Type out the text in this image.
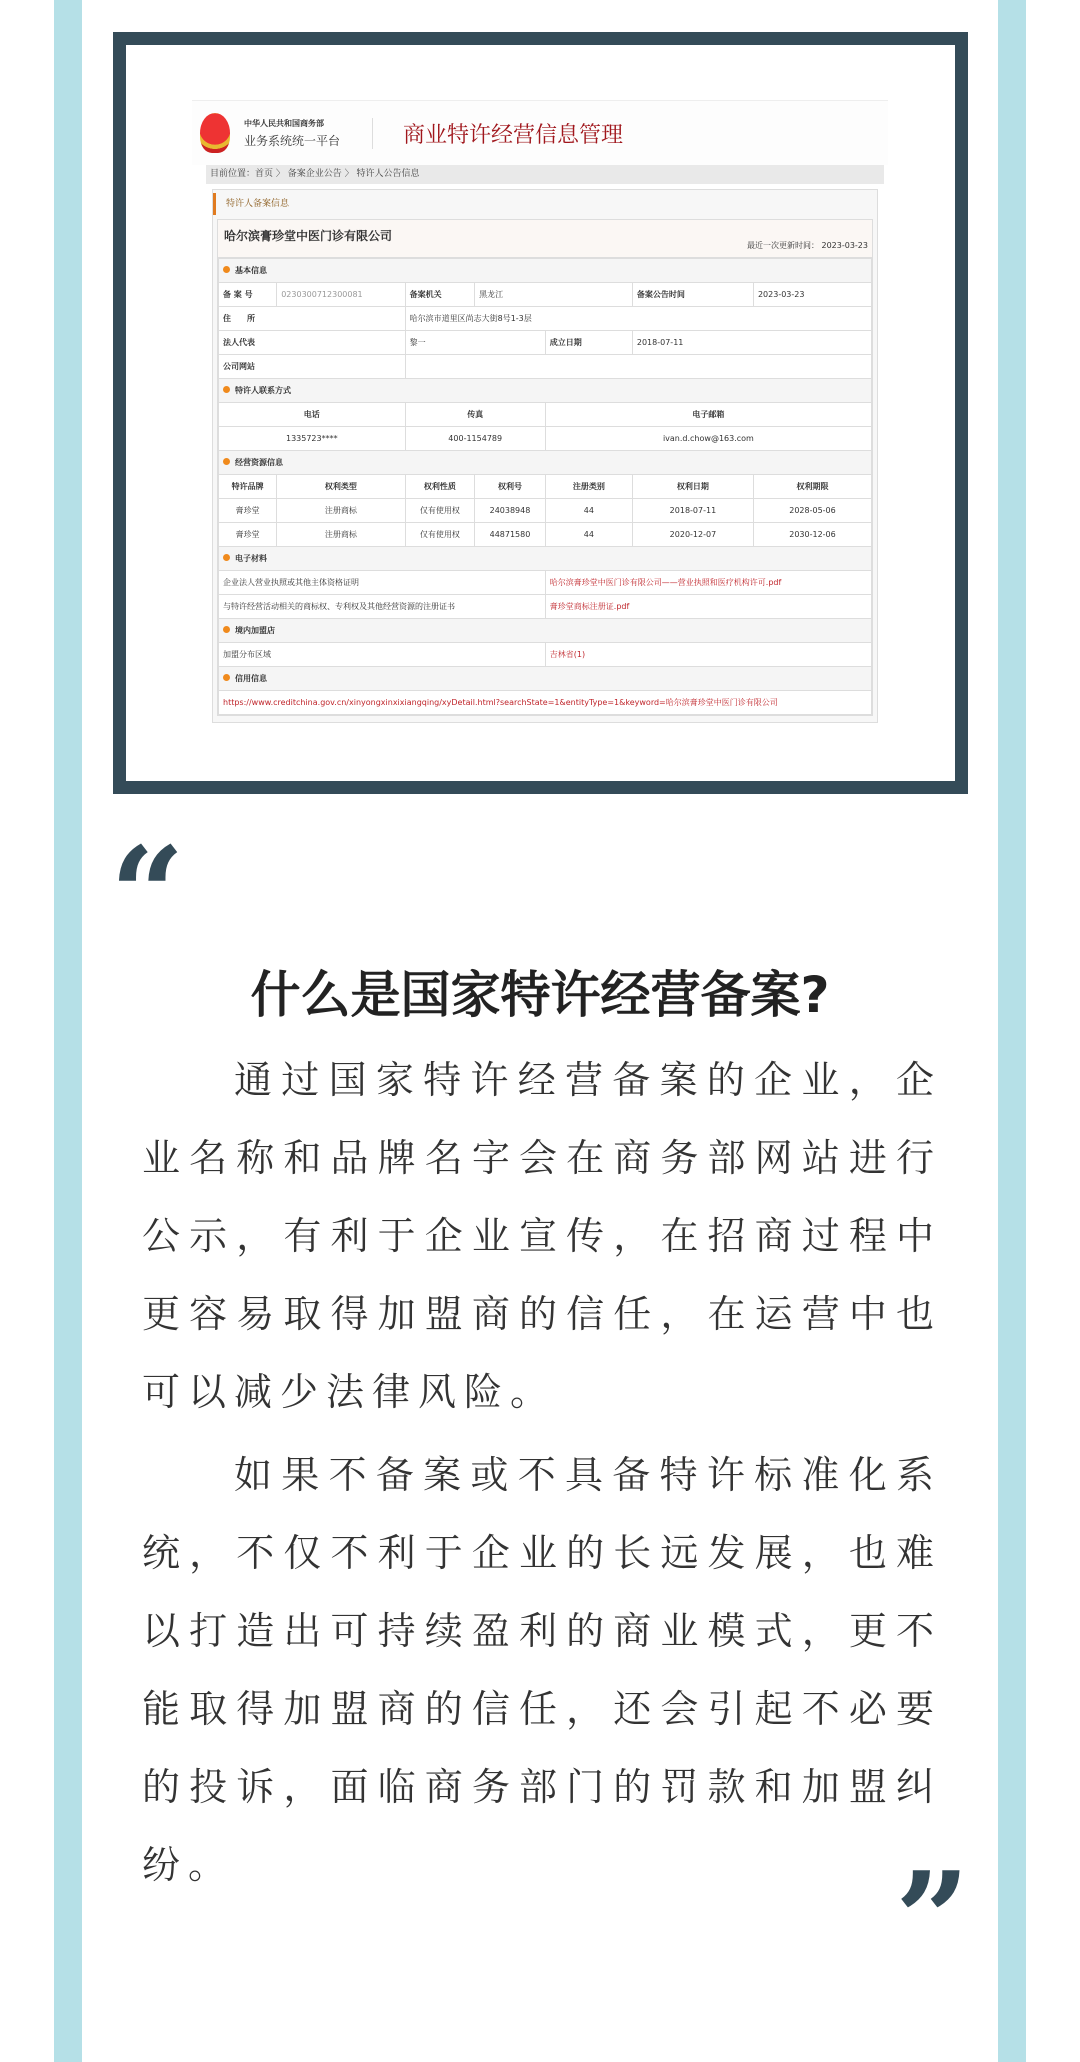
中华人民共和国商务部
业务系统统一平台	商业特许经营信息管理
目前位置：首页 〉 备案企业公告 〉 特许人公告信息
特许人备案信息
哈尔滨膏珍堂中医门诊有限公司
最近一次更新时间： 2023-03-23
基本信息						
备 案 号	0230300712300081	备案机关	黑龙江		备案公告时间	2023-03-23
住　　所		哈尔滨市道里区尚志大街8号1-3层				
法人代表		黎一		成立日期	2018-07-11	
公司网站						
特许人联系方式						
电话		传真		电子邮箱		
1335723****		400-1154789		ivan.d.chow@163.com		
经营资源信息						
特许品牌	权利类型	权利性质	权利号	注册类别	权利日期	权利期限
膏珍堂	注册商标	仅有使用权	24038948	44	2018-07-11	2028-05-06
膏珍堂	注册商标	仅有使用权	44871580	44	2020-12-07	2030-12-06
电子材料						
企业法人营业执照或其他主体资格证明				哈尔滨膏珍堂中医门诊有限公司——营业执照和医疗机构许可.pdf		
与特许经营活动相关的商标权、专利权及其他经营资源的注册证书				膏珍堂商标注册证.pdf		
境内加盟店						
加盟分布区域				吉林省(1)		
信用信息						
https://www.creditchina.gov.cn/xinyongxinxixiangqing/xyDetail.html?searchState=1&entityType=1&keyword=哈尔滨膏珍堂中医门诊有限公司						
“
什么是国家特许经营备案?

通过国家特许经营备案的企业，企业名称和品牌名字会在商务部网站进行公示，有利于企业宣传，在招商过程中更容易取得加盟商的信任，在运营中也可以减少法律风险。

如果不备案或不具备特许标准化系统，不仅不利于企业的长远发展，也难以打造出可持续盈利的商业模式，更不能取得加盟商的信任，还会引起不必要的投诉，面临商务部门的罚款和加盟纠纷。	”
